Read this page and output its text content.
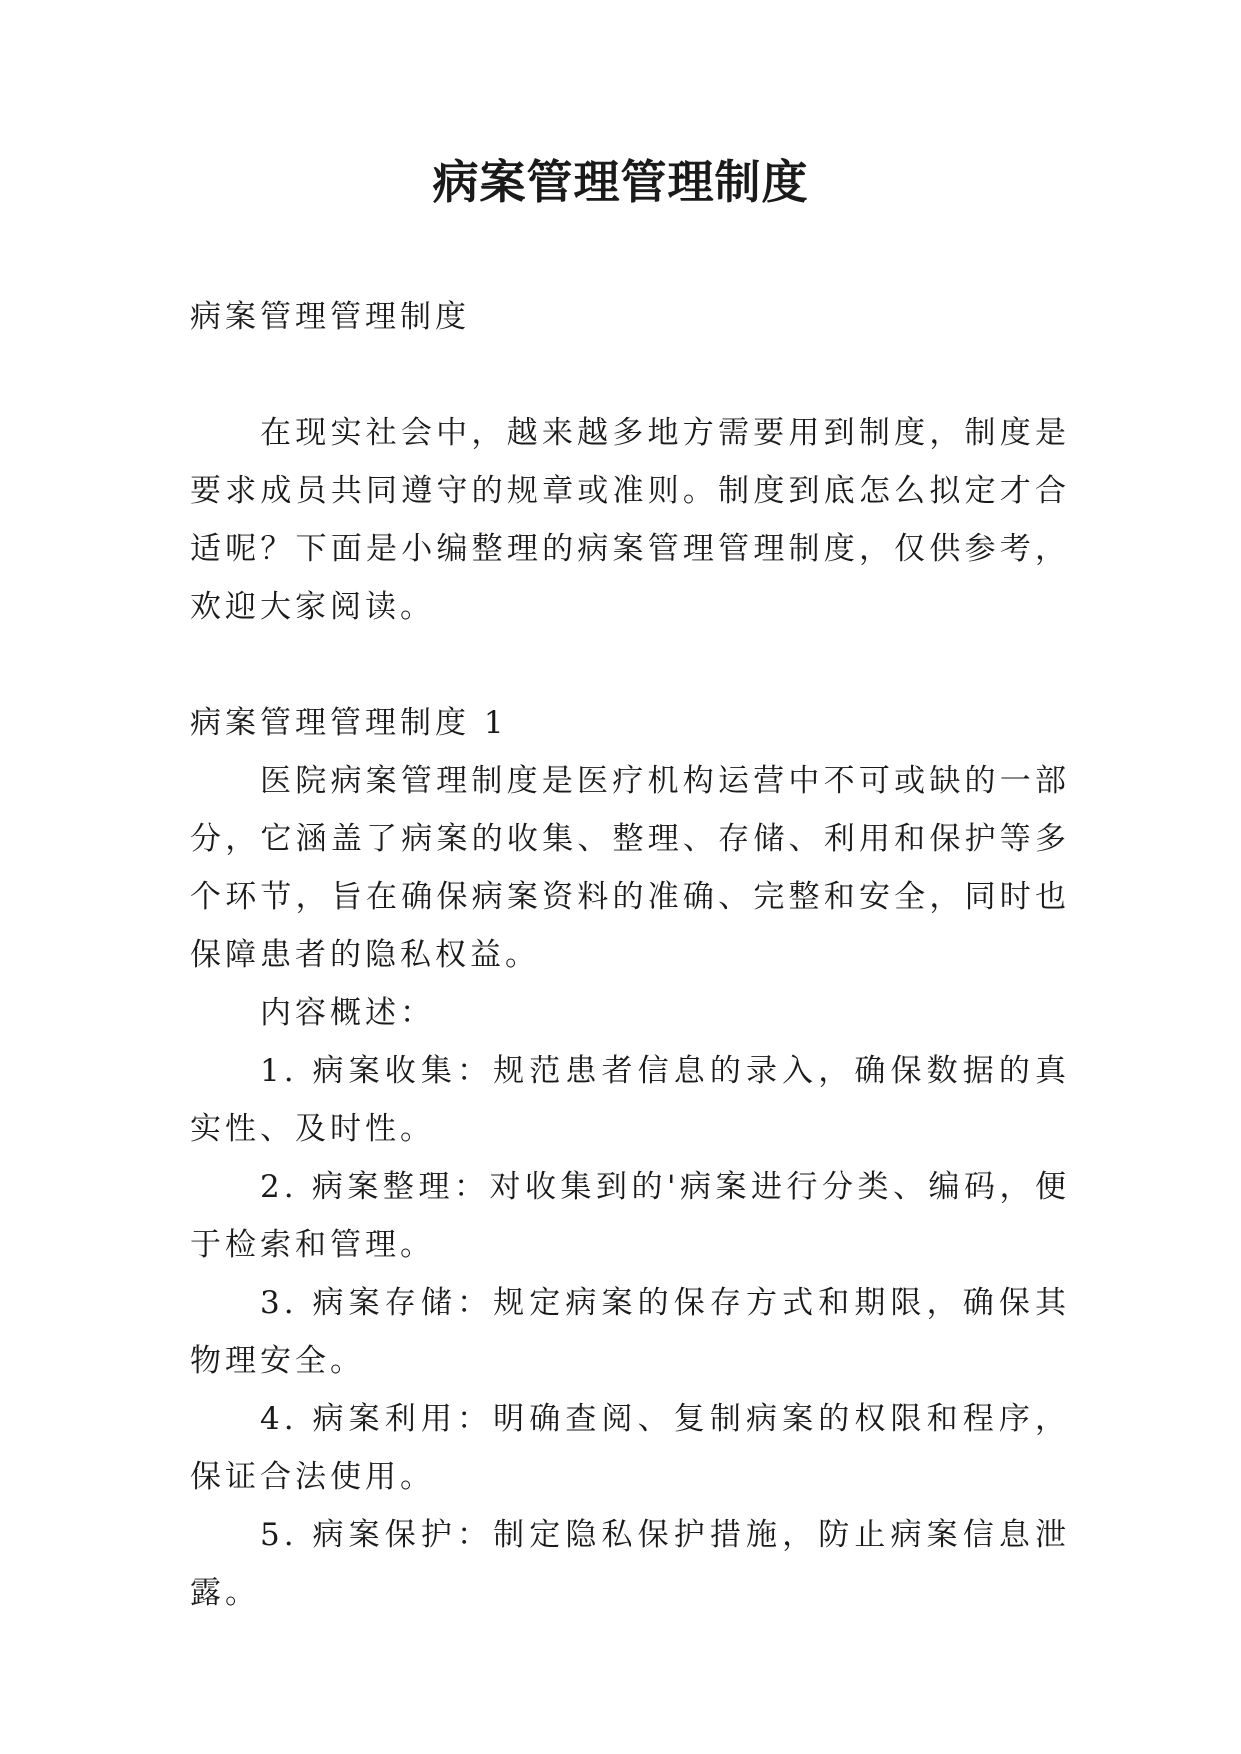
病案管理管理制度

病案管理管理制度

在现实社会中，越来越多地方需要用到制度，制度是要求成员共同遵守的规章或准则。制度到底怎么拟定才合适呢？下面是小编整理的病案管理管理制度，仅供参考，欢迎大家阅读。

病案管理管理制度 1

医院病案管理制度是医疗机构运营中不可或缺的一部分，它涵盖了病案的收集、整理、存储、利用和保护等多个环节，旨在确保病案资料的准确、完整和安全，同时也保障患者的隐私权益。

内容概述：

1. 病案收集：规范患者信息的录入，确保数据的真实性、及时性。

2. 病案整理：对收集到的'病案进行分类、编码，便于检索和管理。

3. 病案存储：规定病案的保存方式和期限，确保其物理安全。

4. 病案利用：明确查阅、复制病案的权限和程序，保证合法使用。

5. 病案保护：制定隐私保护措施，防止病案信息泄露。
